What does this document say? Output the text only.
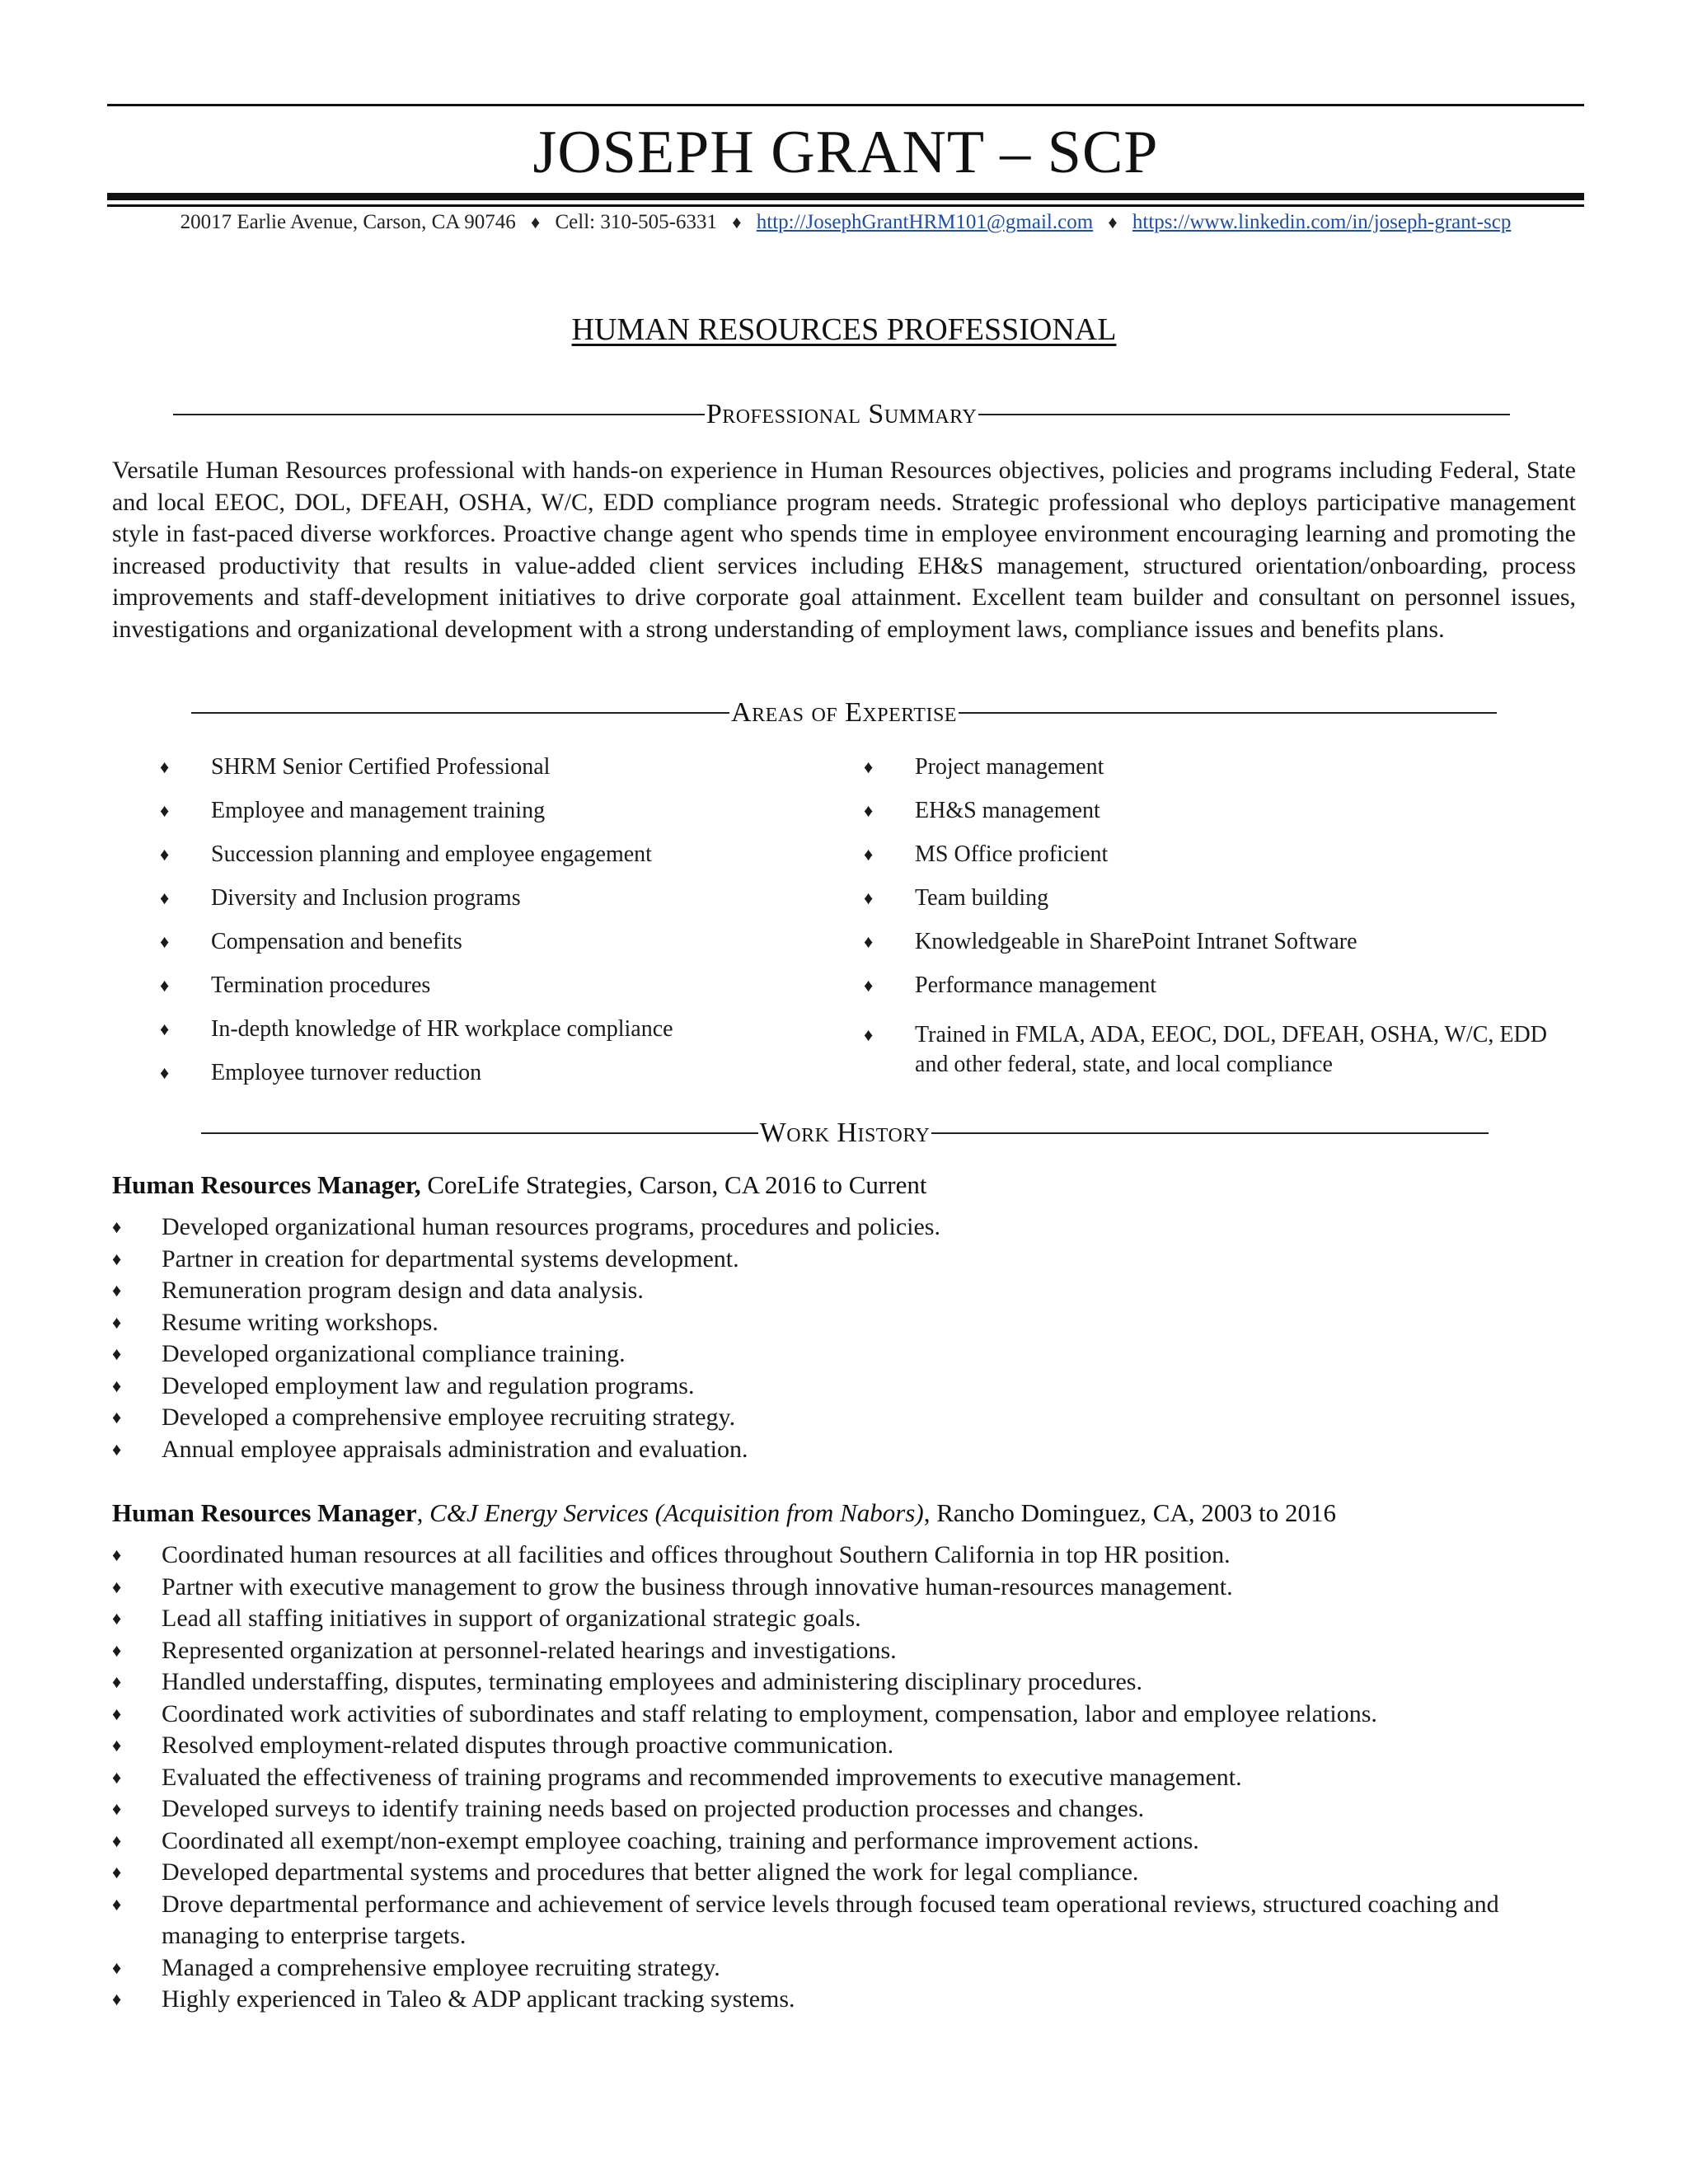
JOSEPH GRANT – SCP
20017 Earlie Avenue, Carson, CA 90746 ♦ Cell: 310-505-6331 ♦ http://JosephGrantHRM101@gmail.com ♦ https://www.linkedin.com/in/joseph-grant-scp
HUMAN RESOURCES PROFESSIONAL
Professional Summary
Versatile Human Resources professional with hands-on experience in Human Resources objectives, policies and programs including Federal, State and local EEOC, DOL, DFEAH, OSHA, W/C, EDD compliance program needs. Strategic professional who deploys participative management style in fast-paced diverse workforces. Proactive change agent who spends time in employee environment encouraging learning and promoting the increased productivity that results in value-added client services including EH&S management, structured orientation/onboarding, process improvements and staff-development initiatives to drive corporate goal attainment. Excellent team builder and consultant on personnel issues, investigations and organizational development with a strong understanding of employment laws, compliance issues and benefits plans.
Areas of Expertise
♦ SHRM Senior Certified Professional
♦ Employee and management training
♦ Succession planning and employee engagement
♦ Diversity and Inclusion programs
♦ Compensation and benefits
♦ Termination procedures
♦ In-depth knowledge of HR workplace compliance
♦ Employee turnover reduction
♦ Project management
♦ EH&S management
♦ MS Office proficient
♦ Team building
♦ Knowledgeable in SharePoint Intranet Software
♦ Performance management
♦ Trained in FMLA, ADA, EEOC, DOL, DFEAH, OSHA, W/C, EDD and other federal, state, and local compliance
Work History
Human Resources Manager, CoreLife Strategies, Carson, CA 2016 to Current
♦ Developed organizational human resources programs, procedures and policies.
♦ Partner in creation for departmental systems development.
♦ Remuneration program design and data analysis.
♦ Resume writing workshops.
♦ Developed organizational compliance training.
♦ Developed employment law and regulation programs.
♦ Developed a comprehensive employee recruiting strategy.
♦ Annual employee appraisals administration and evaluation.
Human Resources Manager, C&J Energy Services (Acquisition from Nabors), Rancho Dominguez, CA, 2003 to 2016
♦ Coordinated human resources at all facilities and offices throughout Southern California in top HR position.
♦ Partner with executive management to grow the business through innovative human-resources management.
♦ Lead all staffing initiatives in support of organizational strategic goals.
♦ Represented organization at personnel-related hearings and investigations.
♦ Handled understaffing, disputes, terminating employees and administering disciplinary procedures.
♦ Coordinated work activities of subordinates and staff relating to employment, compensation, labor and employee relations.
♦ Resolved employment-related disputes through proactive communication.
♦ Evaluated the effectiveness of training programs and recommended improvements to executive management.
♦ Developed surveys to identify training needs based on projected production processes and changes.
♦ Coordinated all exempt/non-exempt employee coaching, training and performance improvement actions.
♦ Developed departmental systems and procedures that better aligned the work for legal compliance.
♦ Drove departmental performance and achievement of service levels through focused team operational reviews, structured coaching and managing to enterprise targets.
♦ Managed a comprehensive employee recruiting strategy.
♦ Highly experienced in Taleo & ADP applicant tracking systems.
